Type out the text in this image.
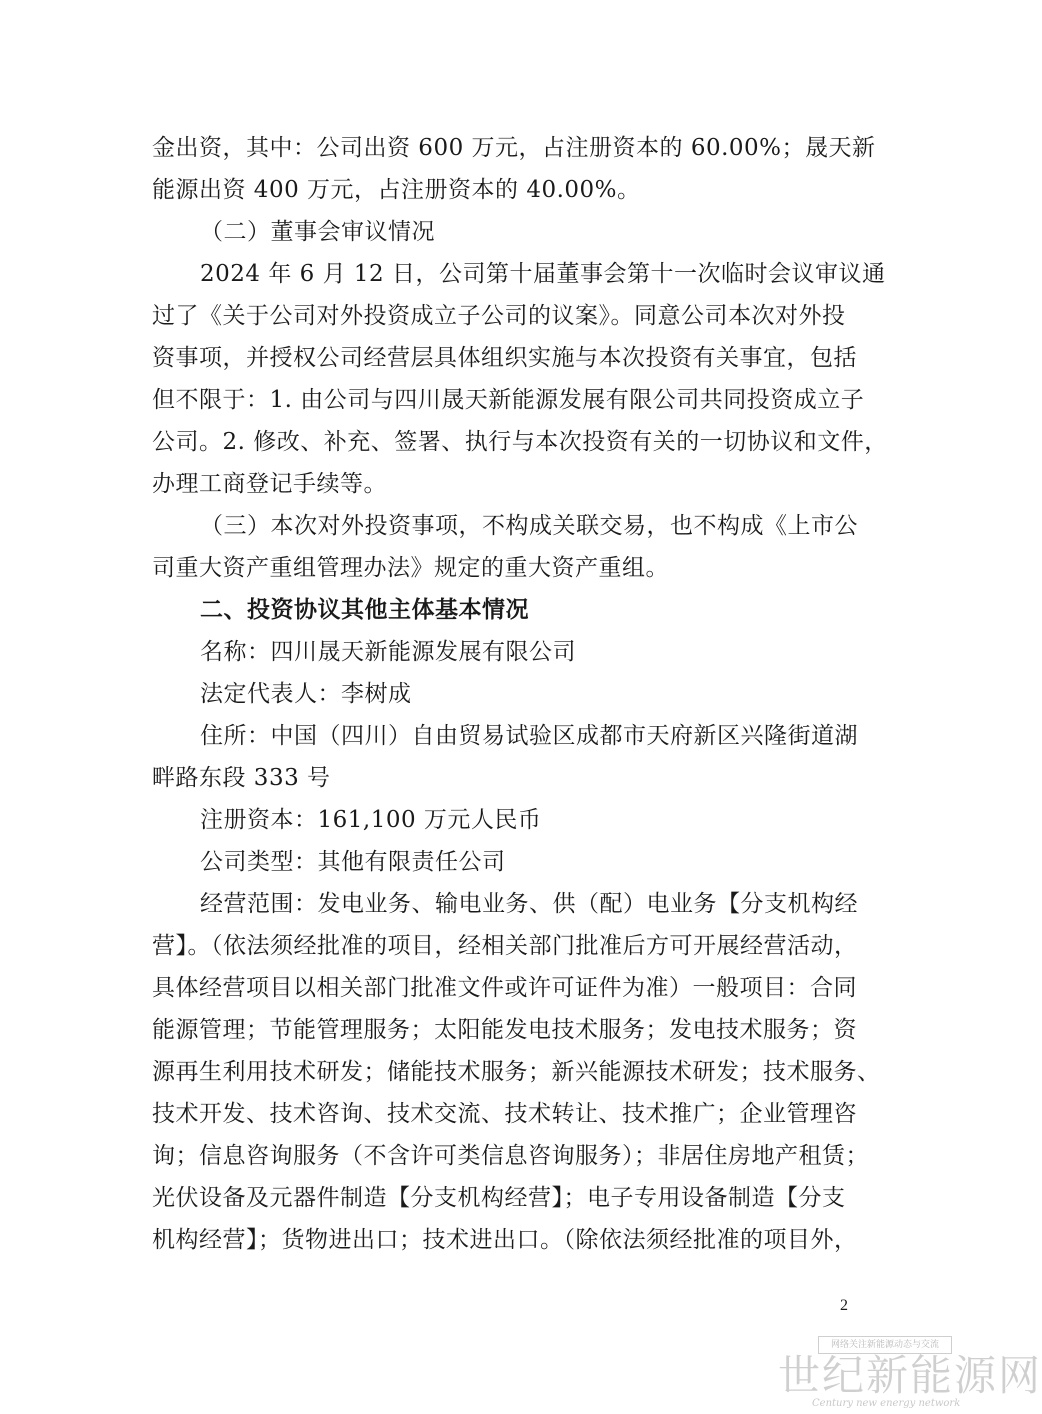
金出资，其中：公司出资 600 万元，占注册资本的 60.00%；晟天新
能源出资 400 万元，占注册资本的 40.00%。
（二）董事会审议情况
2024 年 6 月 12 日，公司第十届董事会第十一次临时会议审议通
过了《关于公司对外投资成立子公司的议案》。同意公司本次对外投
资事项，并授权公司经营层具体组织实施与本次投资有关事宜，包括
但不限于：1. 由公司与四川晟天新能源发展有限公司共同投资成立子
公司。2. 修改、补充、签署、执行与本次投资有关的一切协议和文件，
办理工商登记手续等。
（三）本次对外投资事项，不构成关联交易，也不构成《上市公
司重大资产重组管理办法》规定的重大资产重组。
二、投资协议其他主体基本情况
名称：四川晟天新能源发展有限公司
法定代表人：李树成
住所：中国（四川）自由贸易试验区成都市天府新区兴隆街道湖
畔路东段 333 号
注册资本：161,100 万元人民币
公司类型：其他有限责任公司
经营范围：发电业务、输电业务、供（配）电业务【分支机构经
营】。（依法须经批准的项目，经相关部门批准后方可开展经营活动，
具体经营项目以相关部门批准文件或许可证件为准）一般项目：合同
能源管理；节能管理服务；太阳能发电技术服务；发电技术服务；资
源再生利用技术研发；储能技术服务；新兴能源技术研发；技术服务、
技术开发、技术咨询、技术交流、技术转让、技术推广；企业管理咨
询；信息咨询服务（不含许可类信息咨询服务）；非居住房地产租赁；
光伏设备及元器件制造【分支机构经营】；电子专用设备制造【分支
机构经营】；货物进出口；技术进出口。（除依法须经批准的项目外，
2
网络关注新能源动态与交流
世纪新能源网
Century new energy network
